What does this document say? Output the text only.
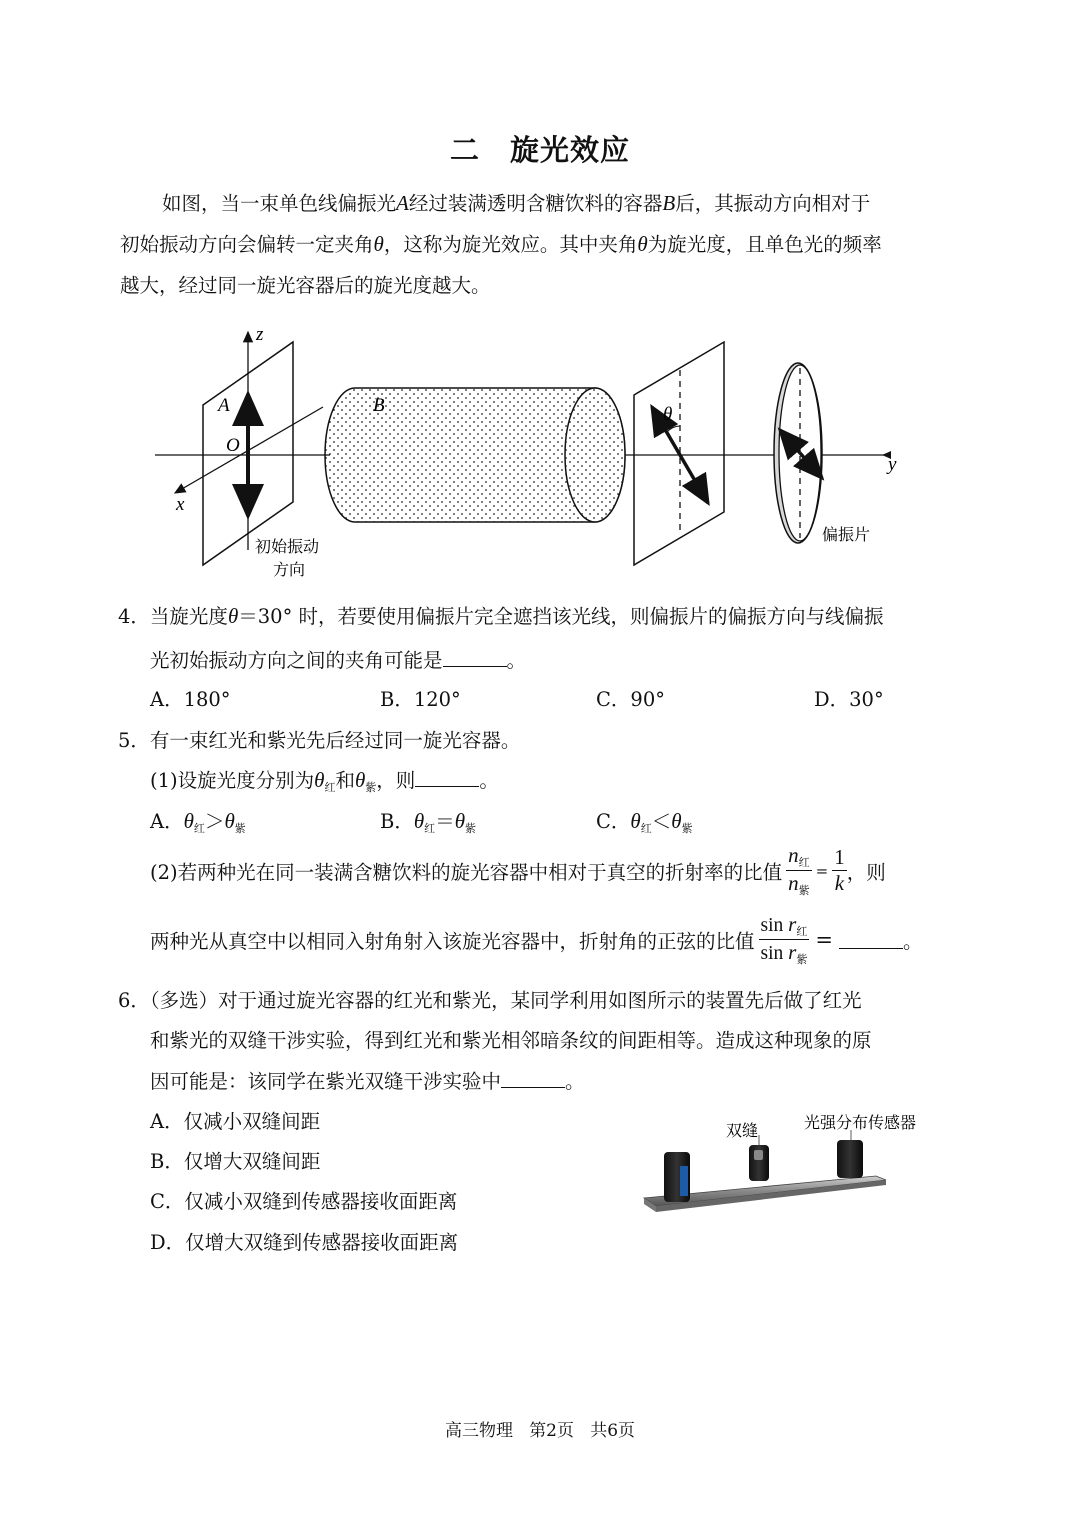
二 旋光效应
如图，当一束单色线偏振光A经过装满透明含糖饮料的容器B后，其振动方向相对于
初始振动方向会偏转一定夹角θ，这称为旋光效应。其中夹角θ为旋光度，且单色光的频率
越大，经过同一旋光容器后的旋光度越大。
z
x
y
O
A	B	θ
初始振动
方向
偏振片
4．当旋光度θ＝30° 时，若要使用偏振片完全遮挡该光线，则偏振片的偏振方向与线偏振
光初始振动方向之间的夹角可能是	。
A．180°	B．120°	C．90°	D．30°
5．有一束红光和紫光先后经过同一旋光容器。
(1)设旋光度分别为$\theta_红$和$\theta_紫$，则	。
A．$\theta_红>\theta_紫$	B．$\theta_红=\theta_紫$	C．$\theta_红<\theta_紫$
(2)若两种光在同一装满含糖饮料的旋光容器中相对于真空的折射率的比值 $\frac{n_红}{n_紫} = \frac{1}{k}$ ，则
两种光从真空中以相同入射角射入该旋光容器中，折射角的正弦的比值 $\frac{\sin r_红}{\sin r_紫}$ =	。
6．（多选）对于通过旋光容器的红光和紫光，某同学利用如图所示的装置先后做了红光
和紫光的双缝干涉实验，得到红光和紫光相邻暗条纹的间距相等。造成这种现象的原
因可能是：该同学在紫光双缝干涉实验中	。
A．仅减小双缝间距
B．仅增大双缝间距
C．仅减小双缝到传感器接收面距离
D．仅增大双缝到传感器接收面距离
双缝	光强分布传感器
高三物理   第2页   共6页
